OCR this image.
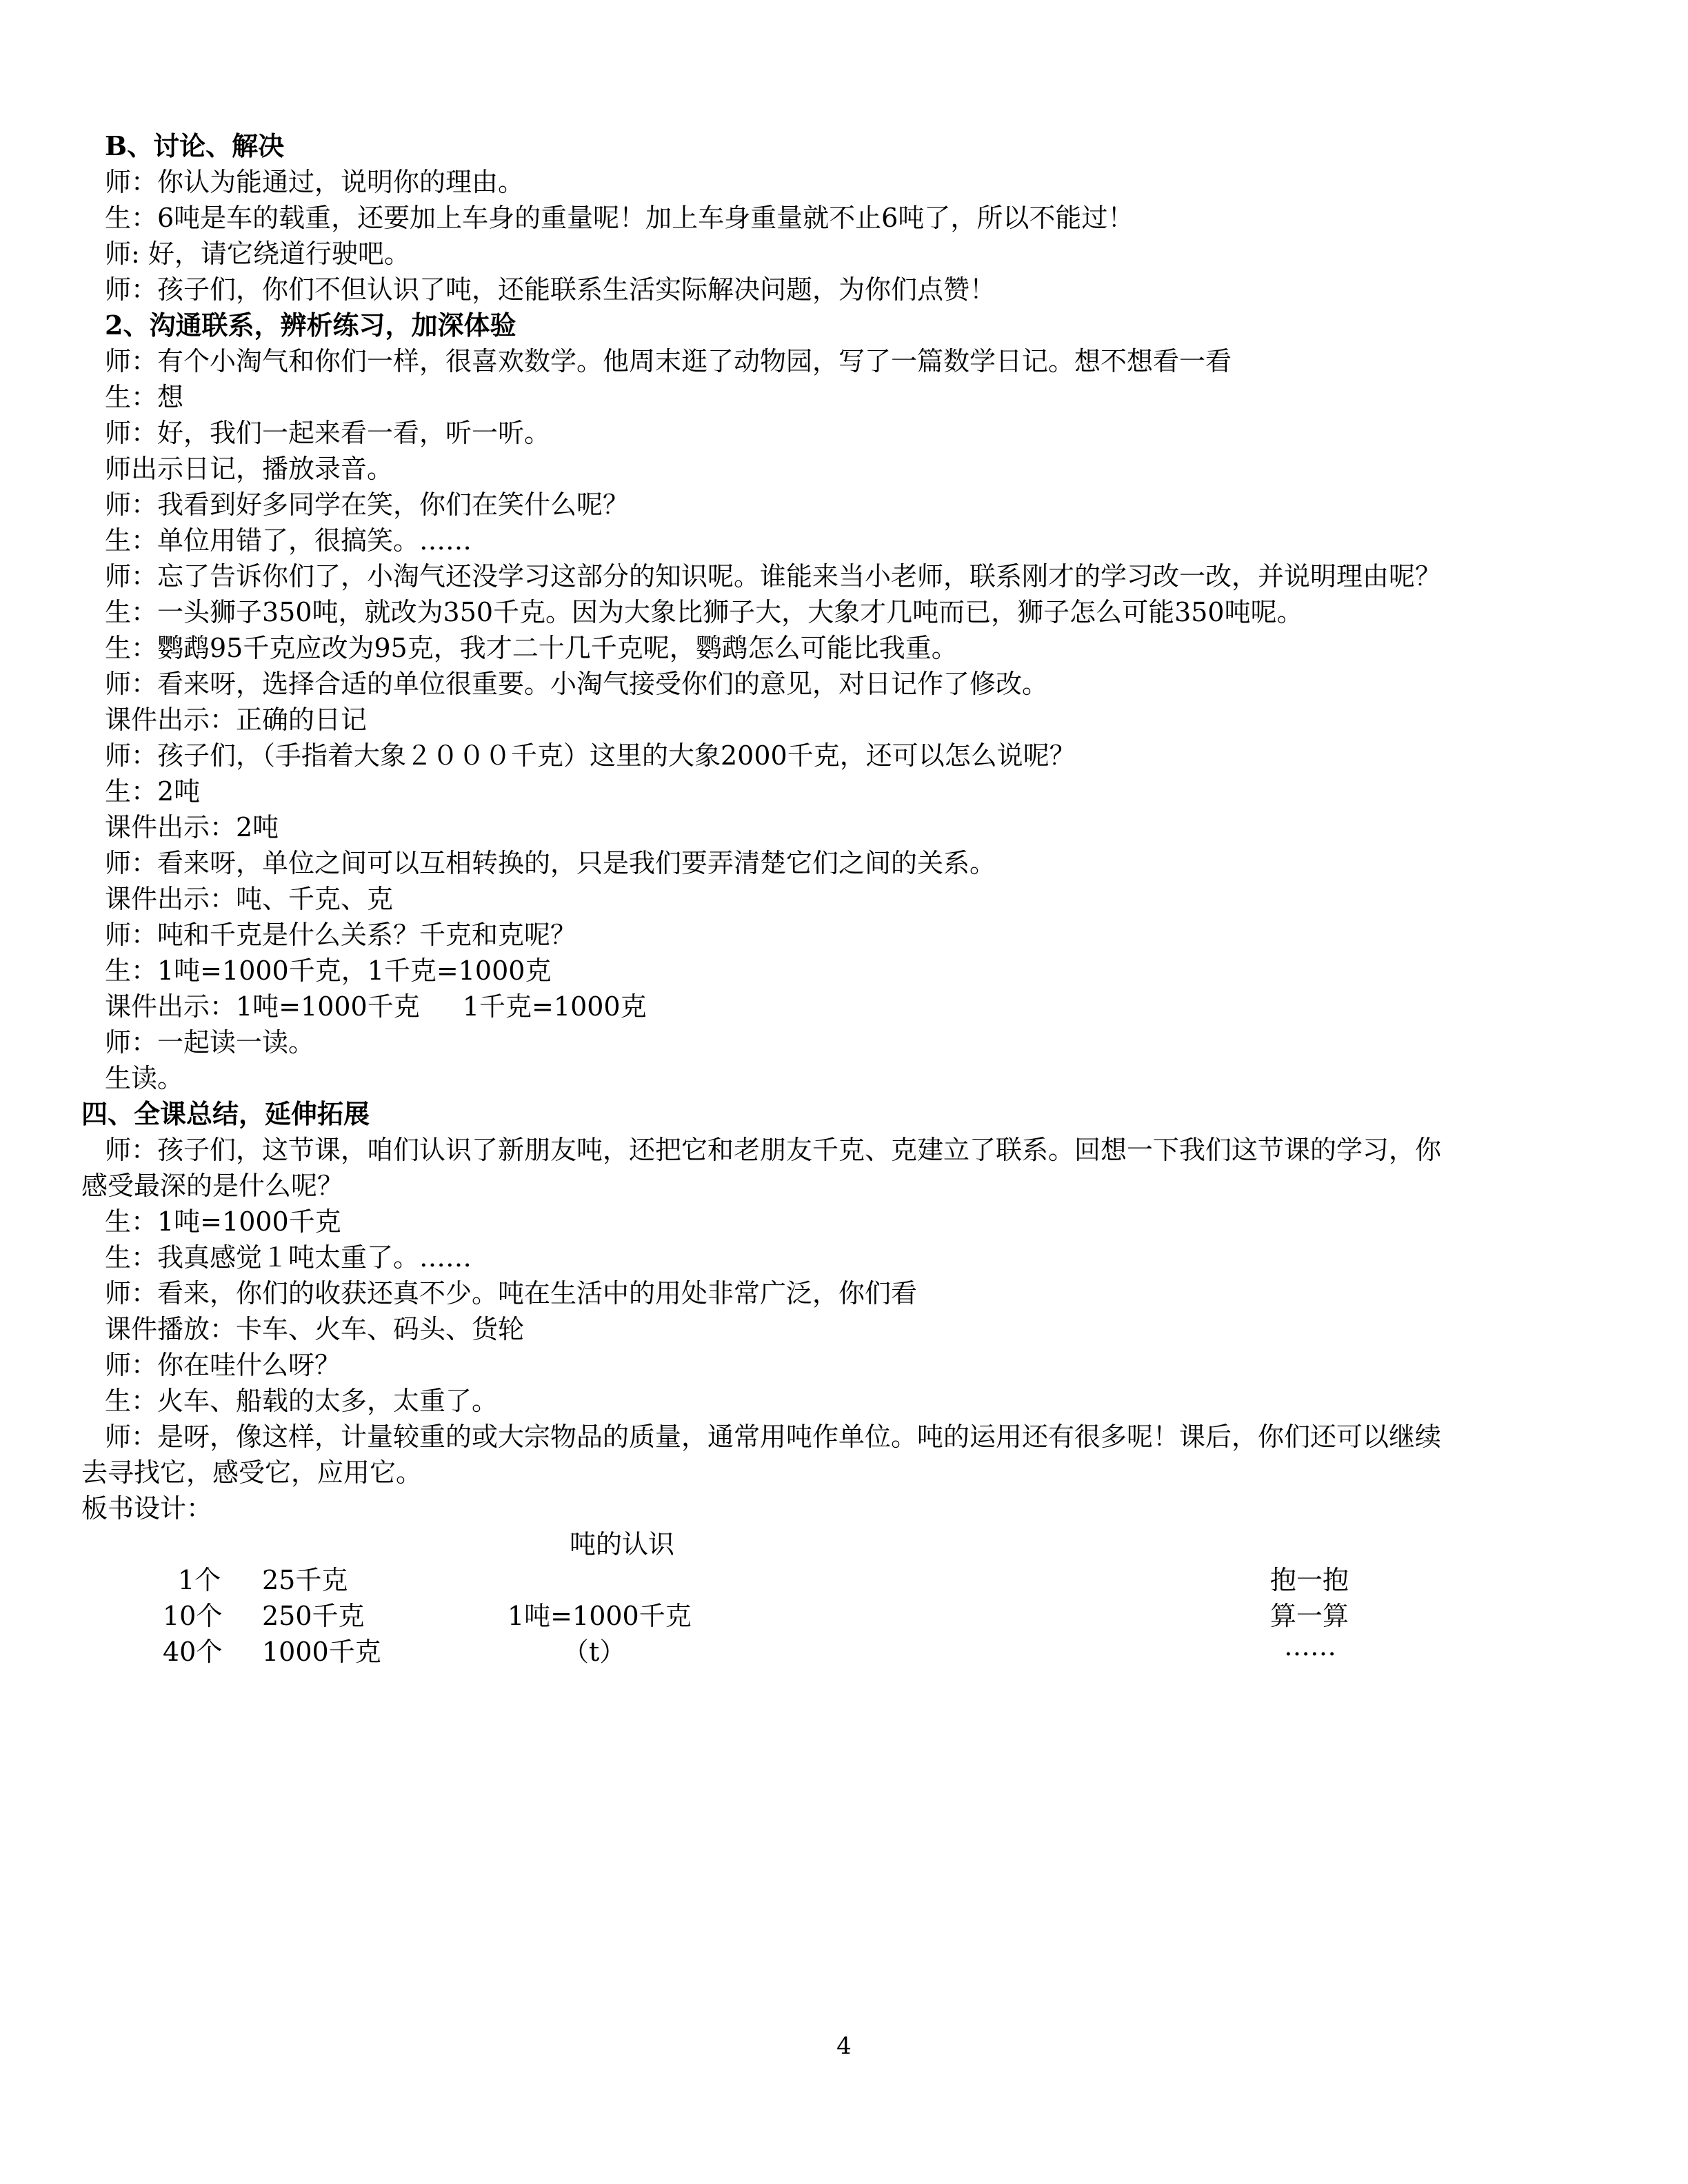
B、讨论、解决
师：你认为能通过，说明你的理由。
生：6吨是车的载重，还要加上车身的重量呢！加上车身重量就不止6吨了，所以不能过！
师: 好，请它绕道行驶吧。
师：孩子们，你们不但认识了吨，还能联系生活实际解决问题，为你们点赞！
2、沟通联系，辨析练习，加深体验
师：有个小淘气和你们一样，很喜欢数学。他周末逛了动物园，写了一篇数学日记。想不想看一看
生：想
师：好，我们一起来看一看，听一听。
师出示日记，播放录音。
师：我看到好多同学在笑，你们在笑什么呢？
生：单位用错了，很搞笑。……
师：忘了告诉你们了，小淘气还没学习这部分的知识呢。谁能来当小老师，联系刚才的学习改一改，并说明理由呢？
生：一头狮子350吨，就改为350千克。因为大象比狮子大，大象才几吨而已，狮子怎么可能350吨呢。
生：鹦鹉95千克应改为95克，我才二十几千克呢，鹦鹉怎么可能比我重。
师：看来呀，选择合适的单位很重要。小淘气接受你们的意见，对日记作了修改。
课件出示：正确的日记
师：孩子们，（手指着大象２０００千克）这里的大象2000千克，还可以怎么说呢？
生：2吨
课件出示：2吨
师：看来呀，单位之间可以互相转换的，只是我们要弄清楚它们之间的关系。
课件出示：吨、千克、克
师：吨和千克是什么关系？千克和克呢？
生：1吨=1000千克，1千克=1000克
课件出示：1吨=1000千克 　 1千克=1000克
师：一起读一读。
生读。
四、全课总结，延伸拓展
师：孩子们，这节课，咱们认识了新朋友吨，还把它和老朋友千克、克建立了联系。回想一下我们这节课的学习，你
感受最深的是什么呢？
生：1吨=1000千克
生：我真感觉１吨太重了。……
师：看来，你们的收获还真不少。吨在生活中的用处非常广泛，你们看
课件播放：卡车、火车、码头、货轮
师：你在哇什么呀？
生：火车、船载的太多，太重了。
师：是呀，像这样，计量较重的或大宗物品的质量，通常用吨作单位。吨的运用还有很多呢！课后，你们还可以继续
去寻找它，感受它，应用它。
板书设计：
吨的认识
1个 25千克
10个 250千克
40个 1000千克
1吨=1000千克
（t）
抱一抱
算一算
……
4
